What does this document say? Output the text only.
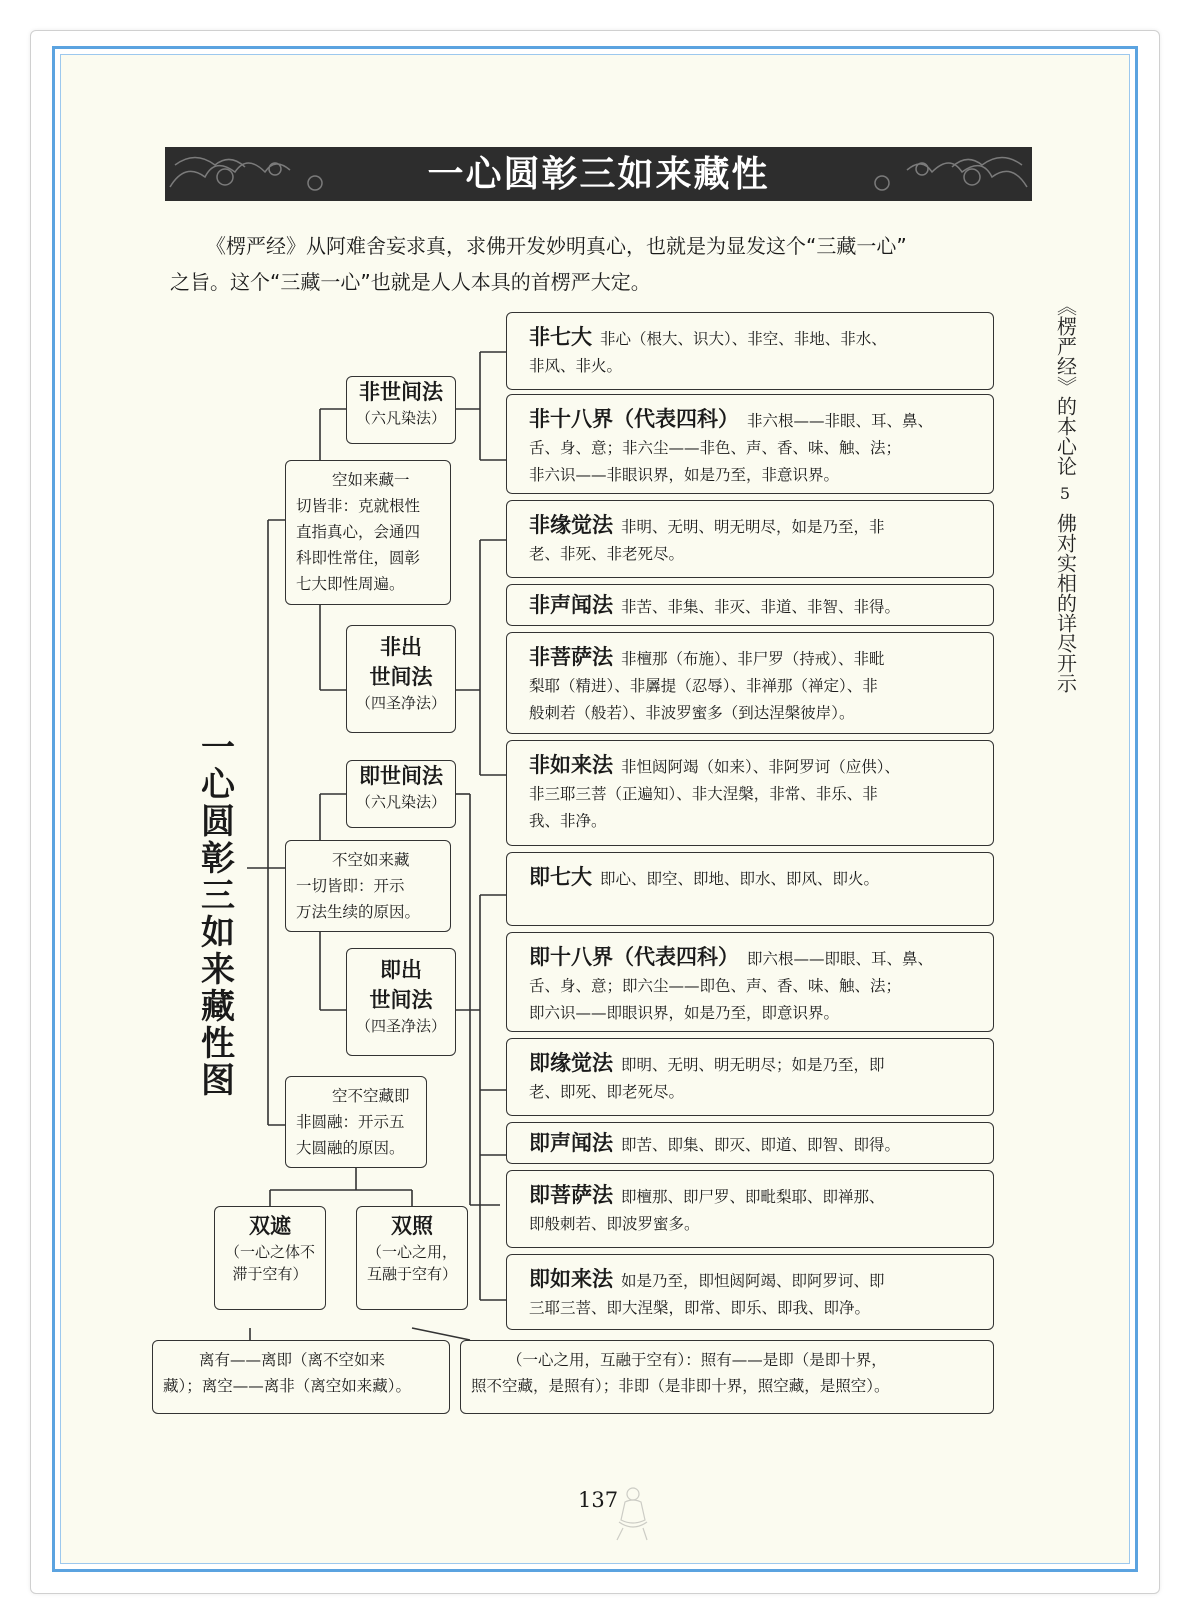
一心圆彰三如来藏性
《楞严经》从阿难舍妄求真，求佛开发妙明真心，也就是为显发这个“三藏一心”
之旨。这个“三藏一心”也就是人人本具的首楞严大定。
《楞严经》的本心论
5
佛对实相的详尽开示
一
心
圆
彰
三
如
来
藏
性
图
非世间法
（六凡染法）
非出
世间法
（四圣净法）
即世间法
（六凡染法）
即出
世间法
（四圣净法）
双遮
（一心之体不
滞于空有）
双照
（一心之用，
互融于空有）
空如来藏一
切皆非：克就根性
直指真心，会通四
科即性常住，圆彰
七大即性周遍。
不空如来藏
一切皆即：开示
万法生续的原因。
空不空藏即
非圆融：开示五
大圆融的原因。
非七大 非心（根大、识大）、非空、非地、非水、
非风、非火。
非十八界（代表四科） 非六根——非眼、耳、鼻、
舌、身、意；非六尘——非色、声、香、味、触、法；
非六识——非眼识界，如是乃至，非意识界。
非缘觉法 非明、无明、明无明尽，如是乃至，非
老、非死、非老死尽。
非声闻法 非苦、非集、非灭、非道、非智、非得。
非菩萨法 非檀那（布施）、非尸罗（持戒）、非毗
梨耶（精进）、非羼提（忍辱）、非禅那（禅定）、非
般刺若（般若）、非波罗蜜多（到达涅槃彼岸）。
非如来法 非怛闼阿竭（如来）、非阿罗诃（应供）、
非三耶三菩（正遍知）、非大涅槃，非常、非乐、非
我、非净。
即七大 即心、即空、即地、即水、即风、即火。
即十八界（代表四科） 即六根——即眼、耳、鼻、
舌、身、意；即六尘——即色、声、香、味、触、法；
即六识——即眼识界，如是乃至，即意识界。
即缘觉法 即明、无明、明无明尽；如是乃至，即
老、即死、即老死尽。
即声闻法 即苦、即集、即灭、即道、即智、即得。
即菩萨法 即檀那、即尸罗、即毗梨耶、即禅那、
即般刺若、即波罗蜜多。
即如来法 如是乃至，即怛闼阿竭、即阿罗诃、即
三耶三菩、即大涅槃，即常、即乐、即我、即净。
离有——离即（离不空如来
藏）；离空——离非（离空如来藏）。
（一心之用，互融于空有）：照有——是即（是即十界，
照不空藏，是照有）；非即（是非即十界，照空藏，是照空）。
137
